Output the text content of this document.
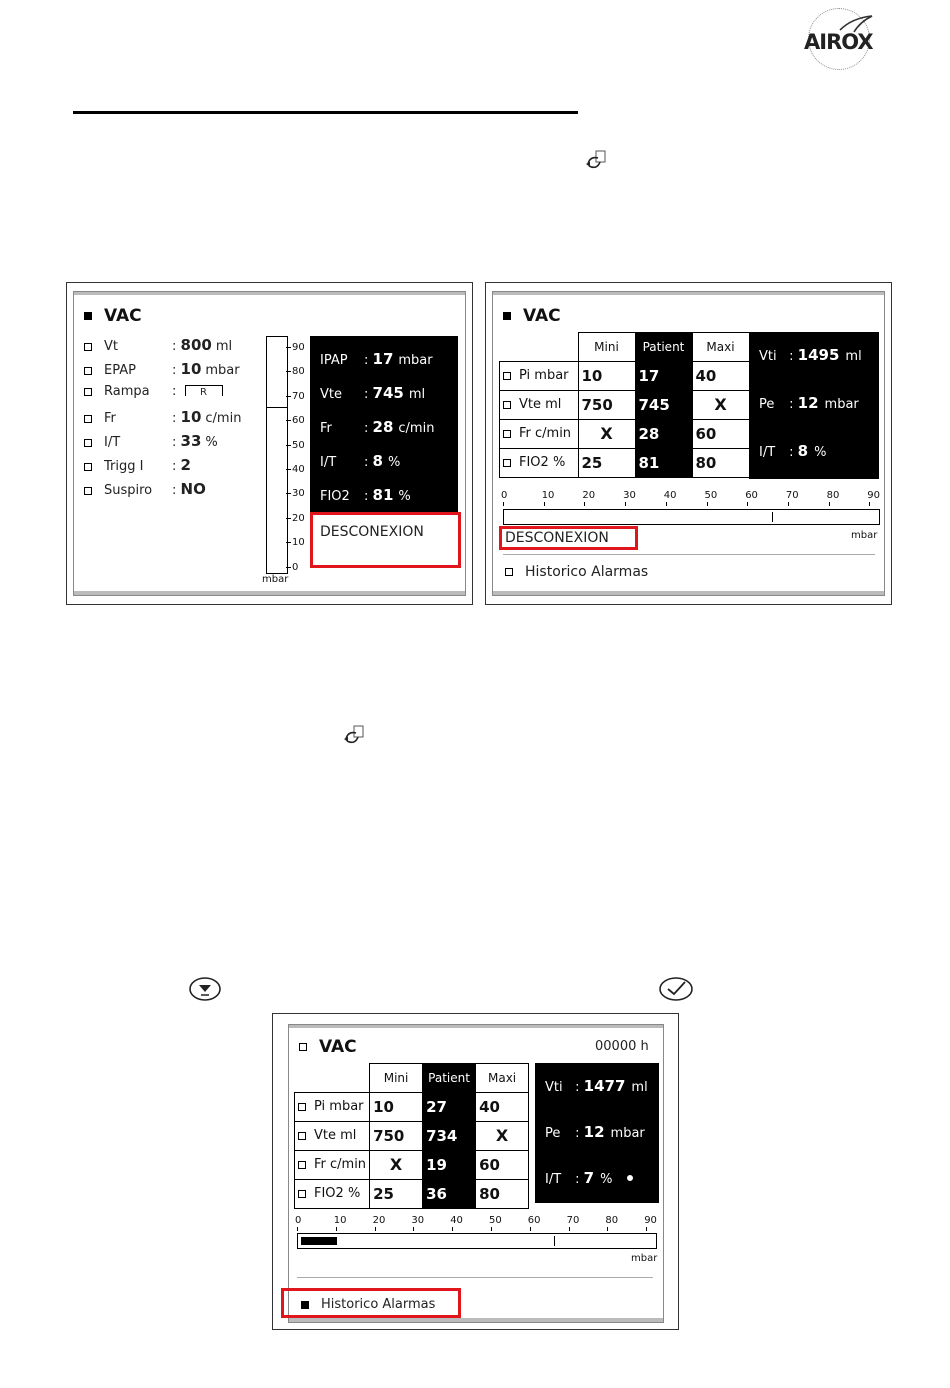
AIROX
VAC
Vt	: 800 ml
EPAP	: 10 mbar
Rampa : R
Fr	: 10 c/min
I/T	: 33 %
Trigg I : 2
Suspiro : NO
90
80
70
60
50
40
30
20
10
0
mbar
IPAP : 17 mbar
Vte : 745 ml
Fr : 28 c/min
I/T : 8 %
FIO2 : 81 %
DESCONEXION
VAC
	Mini	Patient	Maxi
Pi mbar	10	17	40
Vte ml	750	745	X
Fr c/min	X	28	60
FIO2 %	25	81	80
Vti : 1495 ml
Pe : 12 mbar
I/T : 8 %
0	10	20	30	40	50	60	70	80	90
mbar
DESCONEXION
Historico Alarmas
VAC	00000 h
	Mini	Patient	Maxi
Pi mbar	10	27	40
Vte ml	750	734	X
Fr c/min	X	19	60
FIO2 %	25	36	80
Vti : 1477 ml
Pe : 12 mbar
I/T : 7 %
0	10	20	30	40	50	60	70	80	90
mbar
Historico Alarmas
